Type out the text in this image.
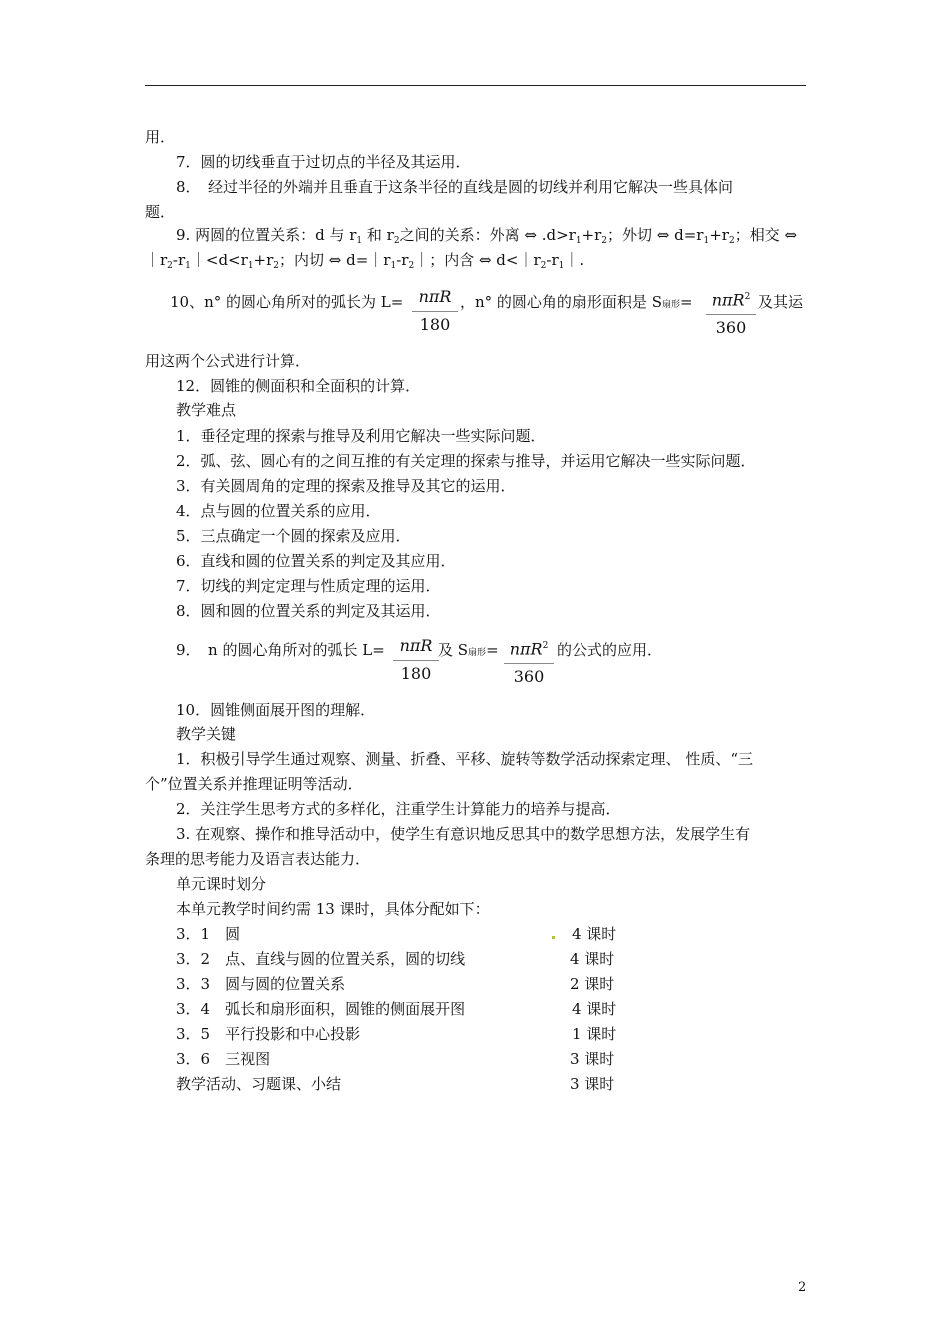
用．
7．圆的切线垂直于过切点的半径及其运用．
8．　经过半径的外端并且垂直于这条半径的直线是圆的切线并利用它解决一些具体问
题．
9. 两圆的位置关系：d 与 $r_1$ 和 $r_2$之间的关系：外离 ⇔ $.d>r_1+r_2$；外切 ⇔ $d=r_1+r_2$；相交 ⇔
$|r_2-r_1|<d<r_1+r_2$；内切 ⇔ $d=|r_1-r_2|$；内含 ⇔ $d<|r_2-r_1|$.
10、n° 的圆心角所对的弧长为 L= nπR
180
，n° 的圆心角的扇形面积是 S扇形=	nπR$^2$
360
及其运
用这两个公式进行计算．
12．圆锥的侧面积和全面积的计算．
教学难点
1．垂径定理的探索与推导及利用它解决一些实际问题．
2．弧、弦、圆心有的之间互推的有关定理的探索与推导，并运用它解决一些实际问题．
3．有关圆周角的定理的探索及推导及其它的运用．
4．点与圆的位置关系的应用．
5．三点确定一个圆的探索及应用．
6．直线和圆的位置关系的判定及其应用．
7．切线的判定定理与性质定理的运用．
8．圆和圆的位置关系的判定及其运用．
9．　n 的圆心角所对的弧长 L= nπR
180
及 S扇形= nπR$^2$
360
的公式的应用．
10．圆锥侧面展开图的理解．
教学关键
1．积极引导学生通过观察、测量、折叠、平移、旋转等数学活动探索定理、 性质、“三
个”位置关系并推理证明等活动．
2．关注学生思考方式的多样化，注重学生计算能力的培养与提高．
3. 在观察、操作和推导活动中，使学生有意识地反思其中的数学思想方法，发展学生有
条理的思考能力及语言表达能力．
单元课时划分
本单元教学时间约需 13 课时，具体分配如下：
3．1　圆	4 课时
3．2　点、直线与圆的位置关系，圆的切线	4 课时
3．3　圆与圆的位置关系	2 课时
3．4　弧长和扇形面积，圆锥的侧面展开图	4 课时
3．5　平行投影和中心投影	1 课时
3．6　三视图	3 课时
教学活动、习题课、小结	3 课时
2
